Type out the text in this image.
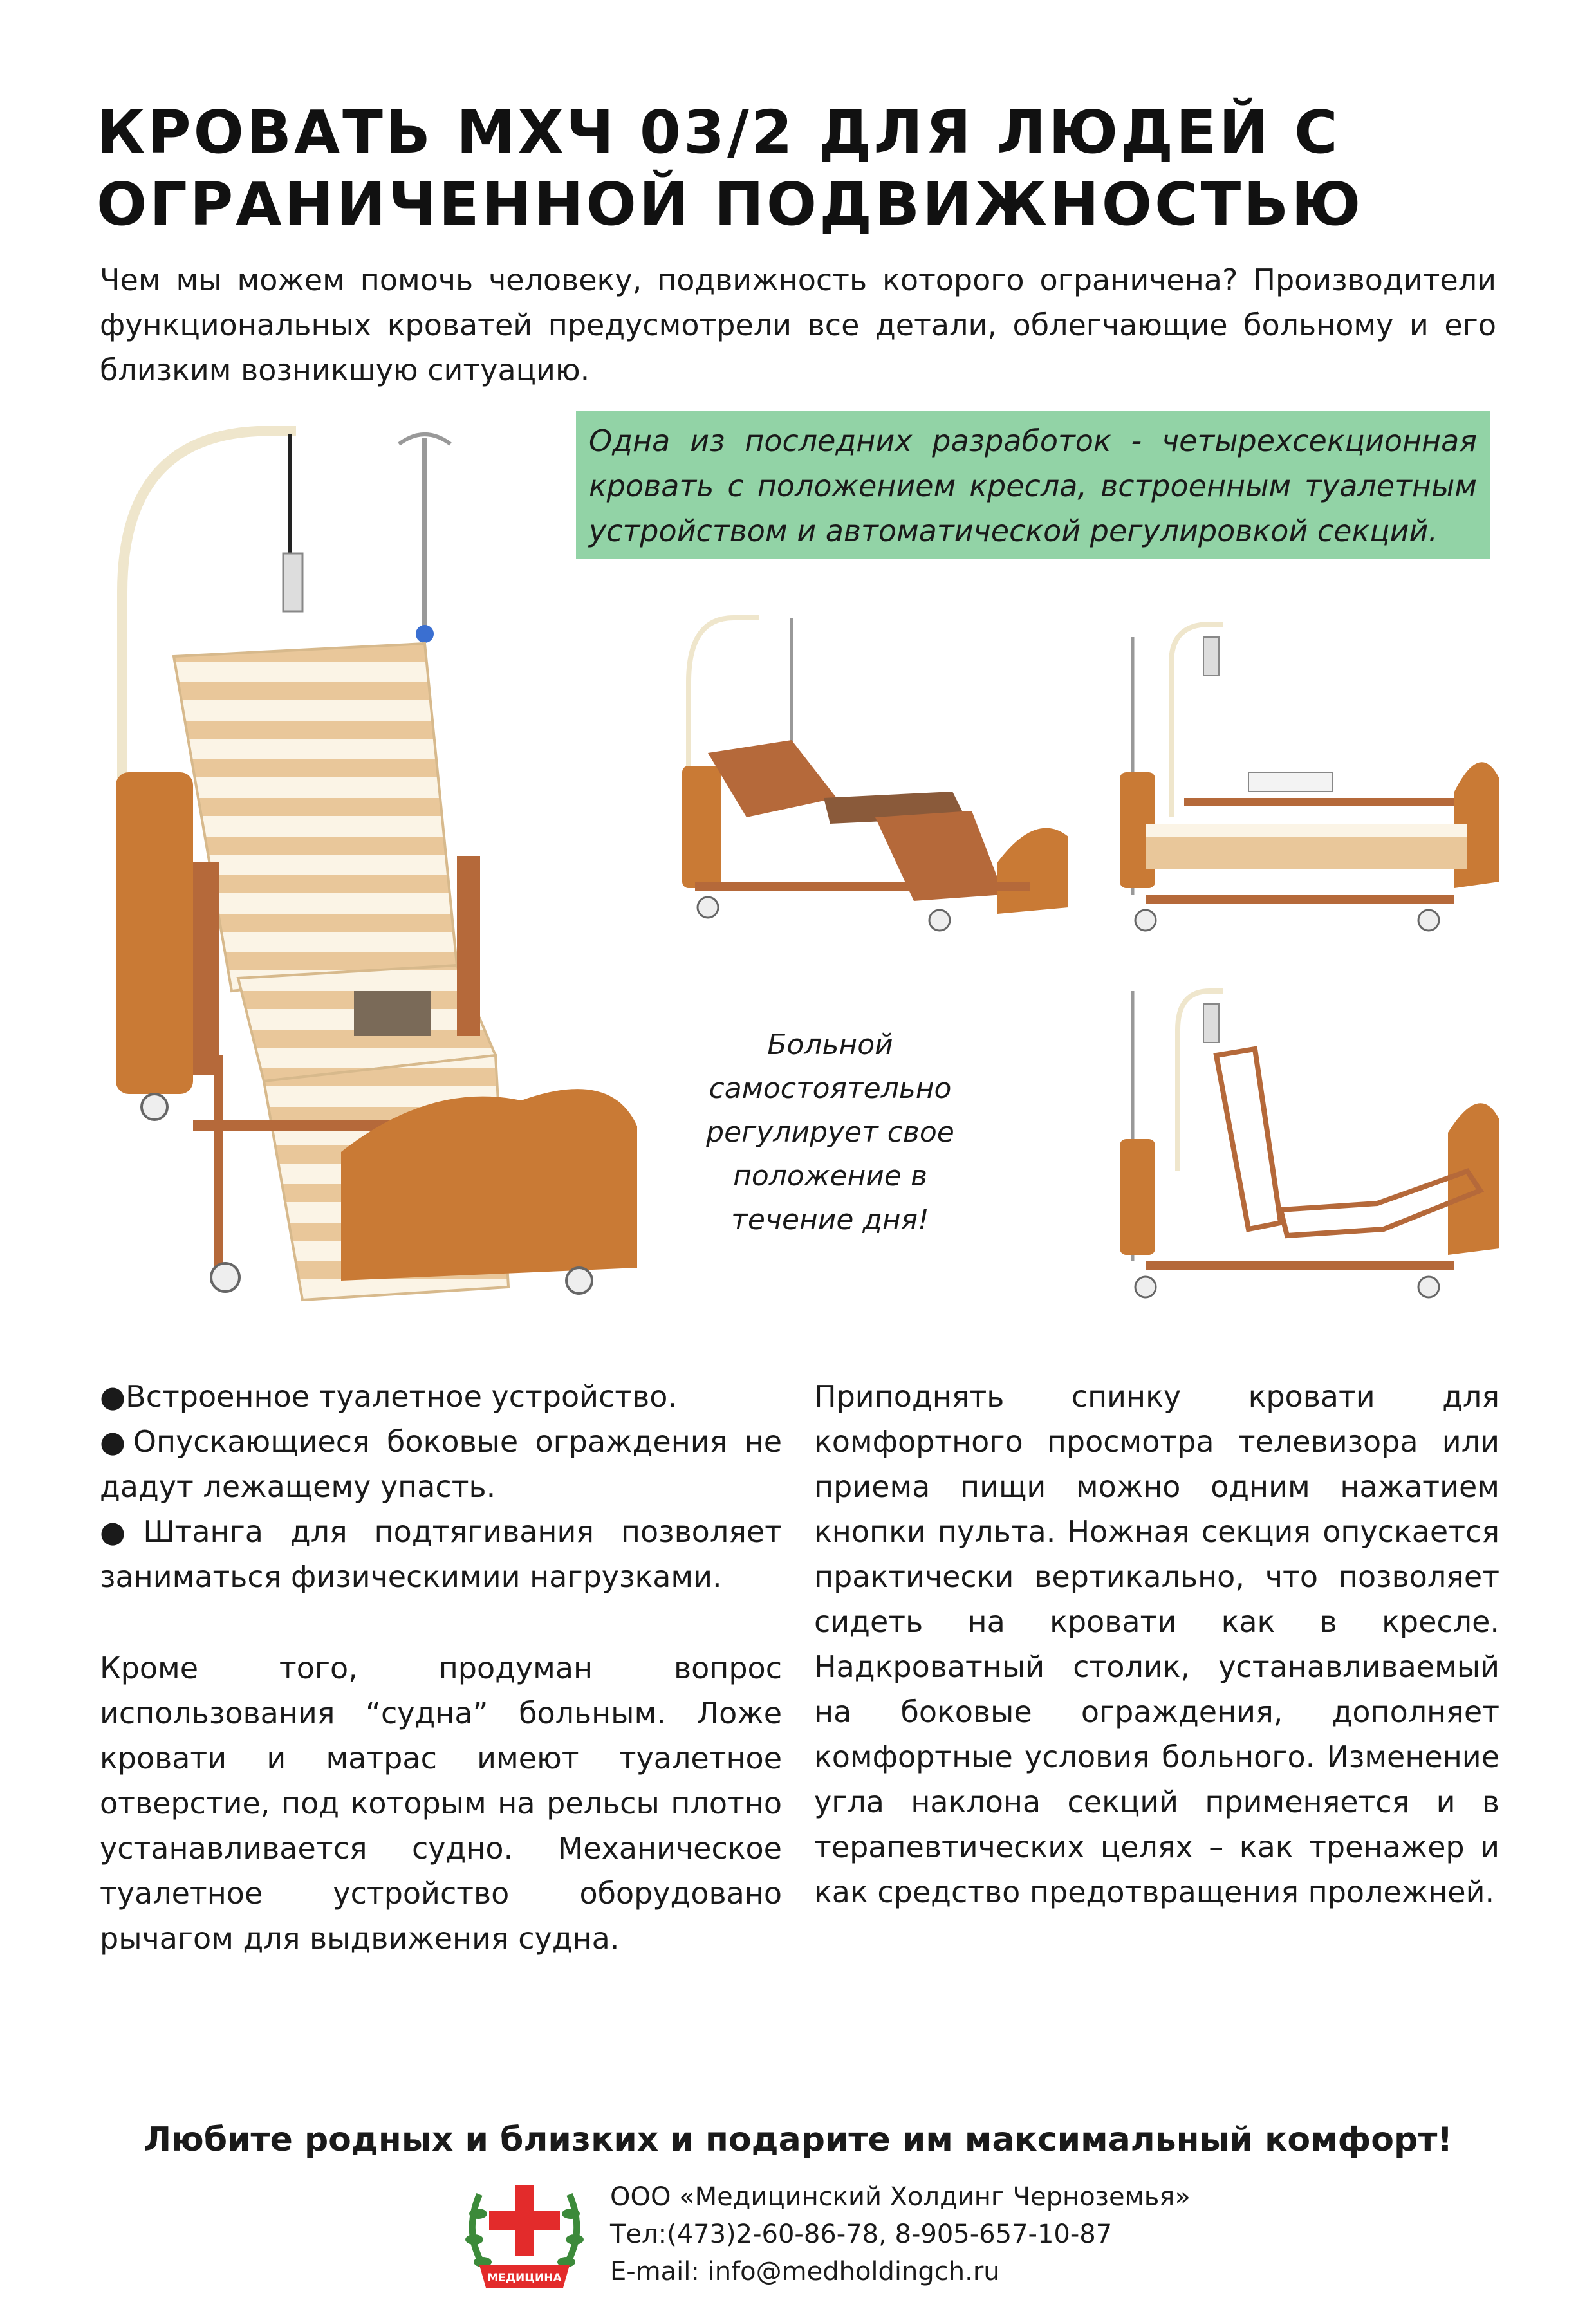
КРОВАТЬ МХЧ 03/2 ДЛЯ ЛЮДЕЙ С ОГРАНИЧЕННОЙ ПОДВИЖНОСТЬЮ
Чем мы можем помочь человеку, подвижность которого ограничена? Производители функциональных кроватей предусмотрели все детали, облегчающие больному и его близким возникшую ситуацию.
Одна из последних разработок - четырехсекционная кровать с положением кресла, встроенным туалетным устройством и автоматической регулировкой секций.
Больной самостоятельно регулирует свое положение в течение дня!

●Встроенное туалетное устройство.

●Опускающиеся боковые ограждения не дадут лежащему упасть.

●Штанга для подтягивания позволяет заниматься физическимии нагрузками.

Кроме того, продуман вопрос использования “судна” больным. Ложе кровати и матрас имеют туалетное отверстие, под которым на рельсы плотно устанавливается судно. Механическое туалетное устройство оборудовано рычагом для выдвижения судна.

Приподнять спинку кровати для комфортного просмотра телевизора или приема пищи можно одним нажатием кнопки пульта. Ножная секция опускается практически вертикально, что позволяет сидеть на кровати как в кресле. Надкроватный столик, устанавливаемый на боковые ограждения, дополняет комфортные условия больного. Изменение угла наклона секций применяется и в терапевтических целях – как тренажер и как средство предотвращения пролежней.

Любите родных и близких и подарите им максимальный комфорт!
МЕДИЦИНА
ООО «Медицинский Холдинг Черноземья»
Тел:(473)2-60-86-78, 8-905-657-10-87
E-mail: info@medholdingch.ru
